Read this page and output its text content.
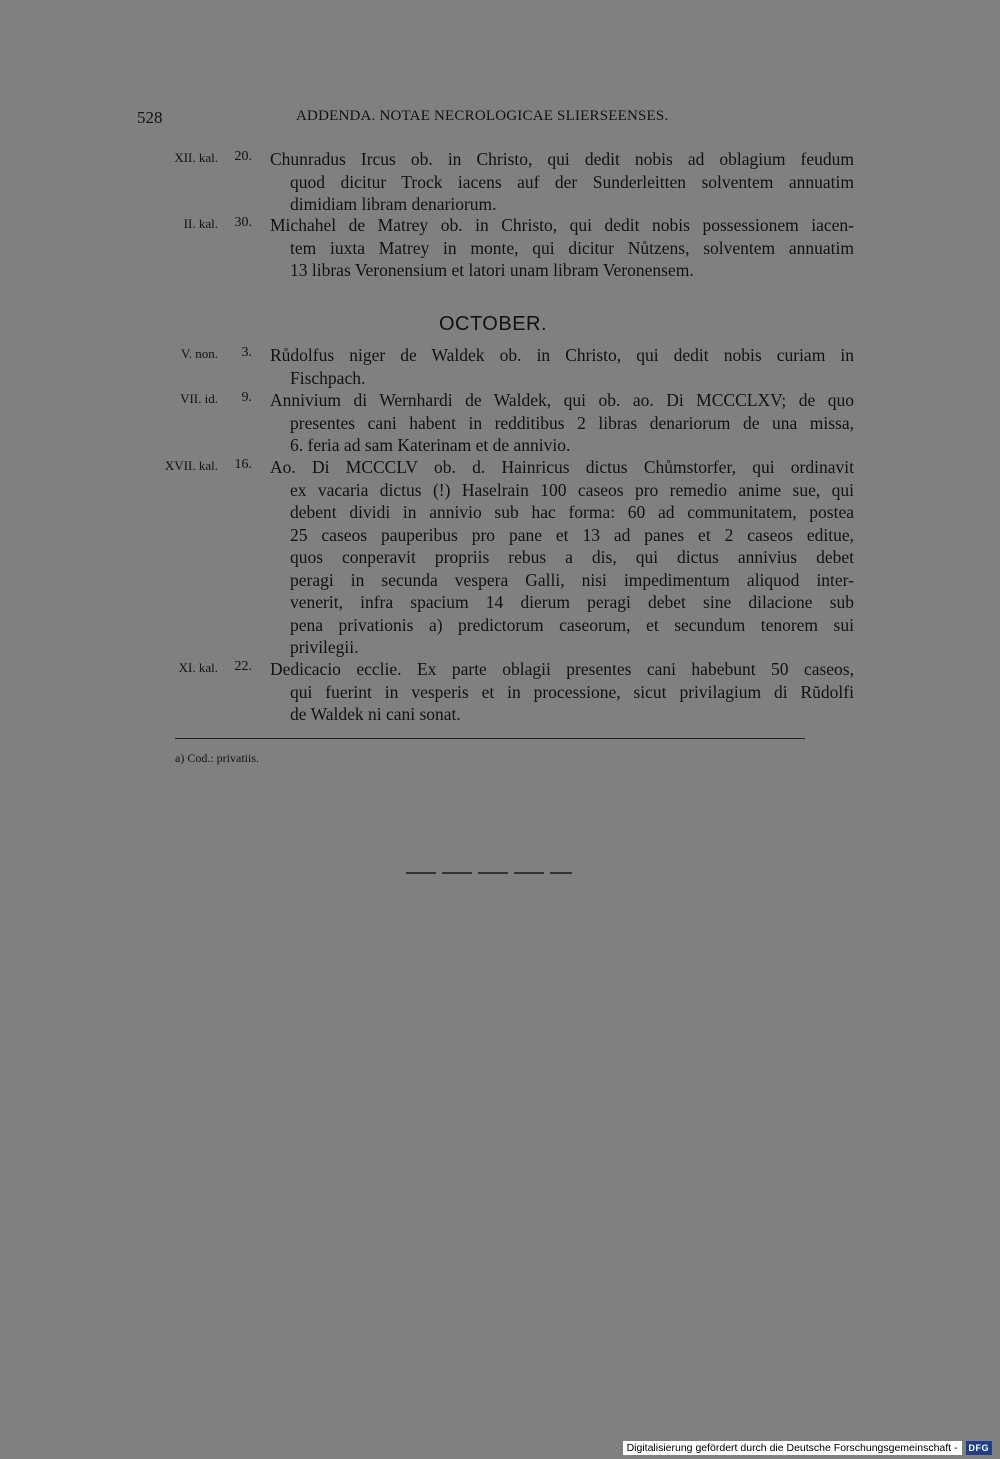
528	ADDENDA. NOTAE NECROLOGICAE SLIERSEENSES.
XII. kal. 20. Chunradus Ircus ob. in Christo, qui dedit nobis ad oblagium feudum
quod dicitur Trock iacens auf der Sunderleitten solventem annuatim
dimidiam libram denariorum.
II. kal. 30. Michahel de Matrey ob. in Christo, qui dedit nobis possessionem iacen-
tem iuxta Matrey in monte, qui dicitur Nůtzens, solventem annuatim
13 libras Veronensium et latori unam libram Veronensem.
OCTOBER.
V. non. 3. Růdolfus niger de Waldek ob. in Christo, qui dedit nobis curiam in
Fischpach.
VII. id. 9. Annivium di Wernhardi de Waldek, qui ob. ao. Di MCCCLXV; de quo
presentes cani habent in redditibus 2 libras denariorum de una missa,
6. feria ad sam Katerinam et de annivio.
XVII. kal. 16. Ao. Di MCCCLV ob. d. Hainricus dictus Chůmstorfer, qui ordinavit
ex vacaria dictus (!) Haselrain 100 caseos pro remedio anime sue, qui
debent dividi in annivio sub hac forma: 60 ad communitatem, postea
25 caseos pauperibus pro pane et 13 ad panes et 2 caseos editue,
quos conperavit propriis rebus a dis, qui dictus annivius debet
peragi in secunda vespera Galli, nisi impedimentum aliquod inter-
venerit, infra spacium 14 dierum peragi debet sine dilacione sub
pena privationis a) predictorum caseorum, et secundum tenorem sui
privilegii.
XI. kal. 22. Dedicacio ecclie. Ex parte oblagii presentes cani habebunt 50 caseos,
qui fuerint in vesperis et in processione, sicut privilagium di Rŭdolfi
de Waldek ni cani sonat.
a) Cod.: privatiis.
Digitalisierung gefördert durch die Deutsche Forschungsgemeinschaft -	DFG
